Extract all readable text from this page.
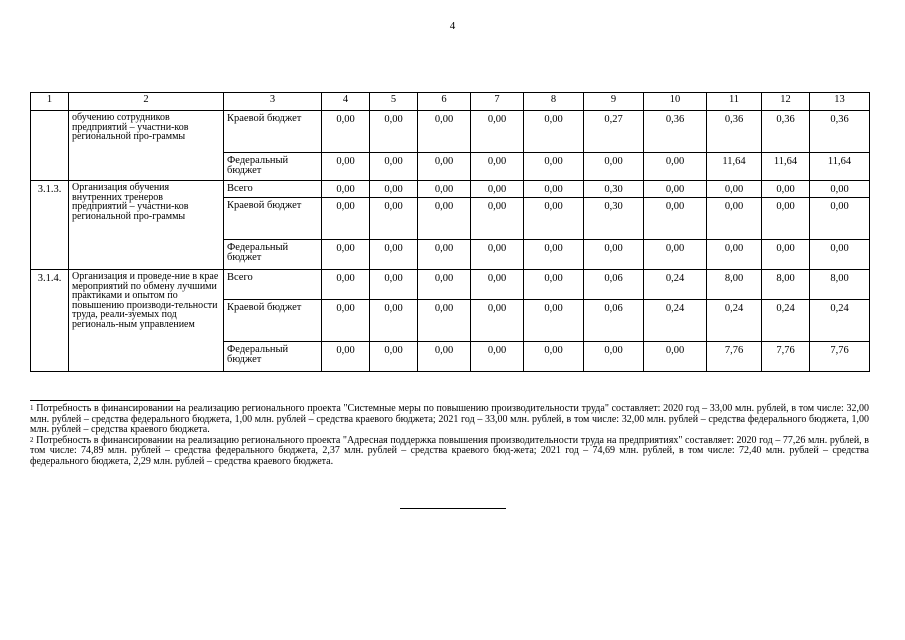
4
1	2	3	4	5	6	7	8	9	10	11	12	13
	обучению сотрудников предприятий – участни-ков региональной про-граммы	Краевой бюджет	0,00	0,00	0,00	0,00	0,00	0,27	0,36	0,36	0,36	0,36
		Федеральный бюджет	0,00	0,00	0,00	0,00	0,00	0,00	0,00	11,64	11,64	11,64
3.1.3.	Организация обучения внутренних тренеров предприятий – участни-ков региональной про-граммы	Всего	0,00	0,00	0,00	0,00	0,00	0,30	0,00	0,00	0,00	0,00
		Краевой бюджет	0,00	0,00	0,00	0,00	0,00	0,30	0,00	0,00	0,00	0,00
		Федеральный бюджет	0,00	0,00	0,00	0,00	0,00	0,00	0,00	0,00	0,00	0,00
3.1.4.	Организация и проведе-ние в крае мероприятий по обмену лучшими практиками и опытом по повышению производи-тельности труда, реали-зуемых под региональ-ным управлением	Всего	0,00	0,00	0,00	0,00	0,00	0,06	0,24	8,00	8,00	8,00
		Краевой бюджет	0,00	0,00	0,00	0,00	0,00	0,06	0,24	0,24	0,24	0,24
		Федеральный бюджет	0,00	0,00	0,00	0,00	0,00	0,00	0,00	7,76	7,76	7,76

$^1$ Потребность в финансировании на реализацию регионального проекта "Системные меры по повышению производительности труда" составляет: 2020 год – 33,00 млн. рублей, в том числе: 32,00 млн. рублей – средства федерального бюджета, 1,00 млн. рублей – средства краевого бюджета; 2021 год – 33,00 млн. рублей, в том числе: 32,00 млн. рублей – средства федерального бюджета, 1,00 млн. рублей – средства краевого бюджета.

$^2$ Потребность в финансировании на реализацию регионального проекта "Адресная поддержка повышения производительности труда на предприятиях" составляет: 2020 год – 77,26 млн. рублей, в том числе: 74,89 млн. рублей – средства федерального бюджета, 2,37 млн. рублей – средства краевого бюд-жета; 2021 год – 74,69 млн. рублей, в том числе: 72,40 млн. рублей – средства федерального бюджета, 2,29 млн. рублей – средства краевого бюджета.
